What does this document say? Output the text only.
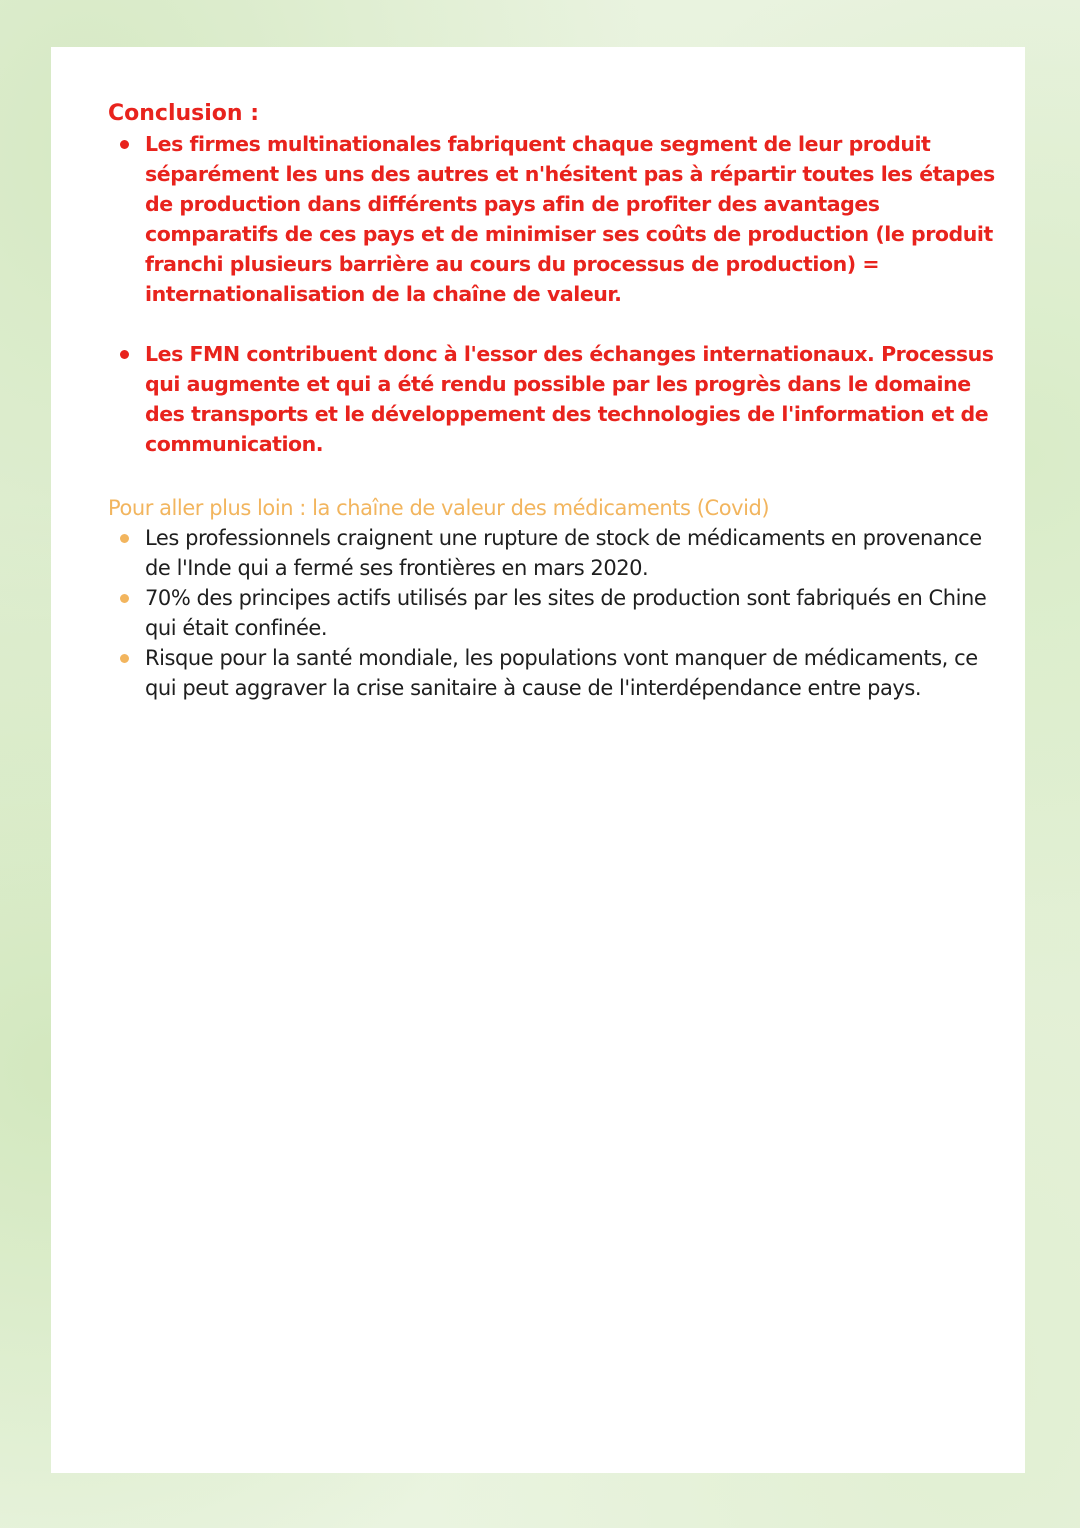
Conclusion :
Les firmes multinationales fabriquent chaque segment de leur produit séparément les uns des autres et n'hésitent pas à répartir toutes les étapes de production dans différents pays afin de profiter des avantages comparatifs de ces pays et de minimiser ses coûts de production (le produit franchi plusieurs barrière au cours du processus de production) = internationalisation de la chaîne de valeur.
Les FMN contribuent donc à l'essor des échanges internationaux. Processus qui augmente et qui a été rendu possible par les progrès dans le domaine des transports et le développement des technologies de l'information et de communication.
Pour aller plus loin : la chaîne de valeur des médicaments (Covid)
Les professionnels craignent une rupture de stock de médicaments en provenance de l'Inde qui a fermé ses frontières en mars 2020.
70% des principes actifs utilisés par les sites de production sont fabriqués en Chine qui était confinée.
Risque pour la santé mondiale, les populations vont manquer de médicaments, ce qui peut aggraver la crise sanitaire à cause de l'interdépendance entre pays.
